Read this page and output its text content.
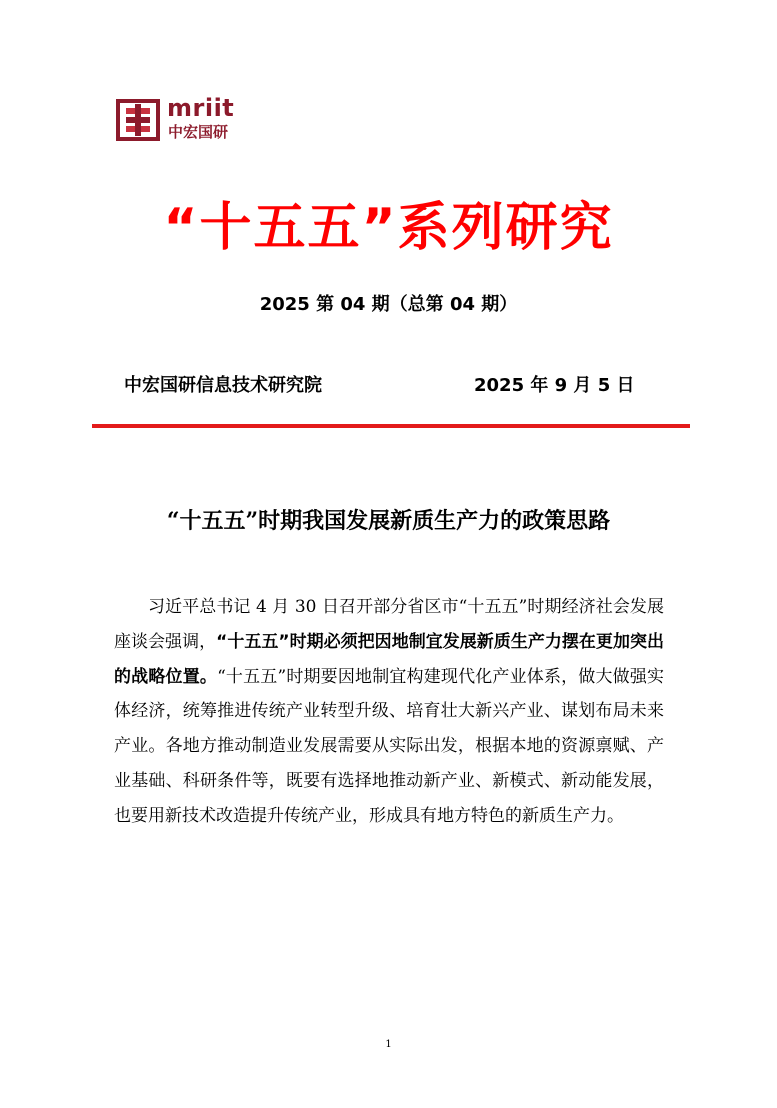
mriit
中宏国研
“十五五”系列研究
2025 第 04 期（总第 04 期）
中宏国研信息技术研究院	2025 年 9 月 5 日
“十五五”时期我国发展新质生产力的政策思路

习近平总书记 4 月 30 日召开部分省区市“十五五”时期经济社会发展座谈会强调，“十五五”时期必须把因地制宜发展新质生产力摆在更加突出的战略位置。“十五五”时期要因地制宜构建现代化产业体系，做大做强实体经济，统筹推进传统产业转型升级、培育壮大新兴产业、谋划布局未来产业。各地方推动制造业发展需要从实际出发，根据本地的资源禀赋、产业基础、科研条件等，既要有选择地推动新产业、新模式、新动能发展，也要用新技术改造提升传统产业，形成具有地方特色的新质生产力。

1
